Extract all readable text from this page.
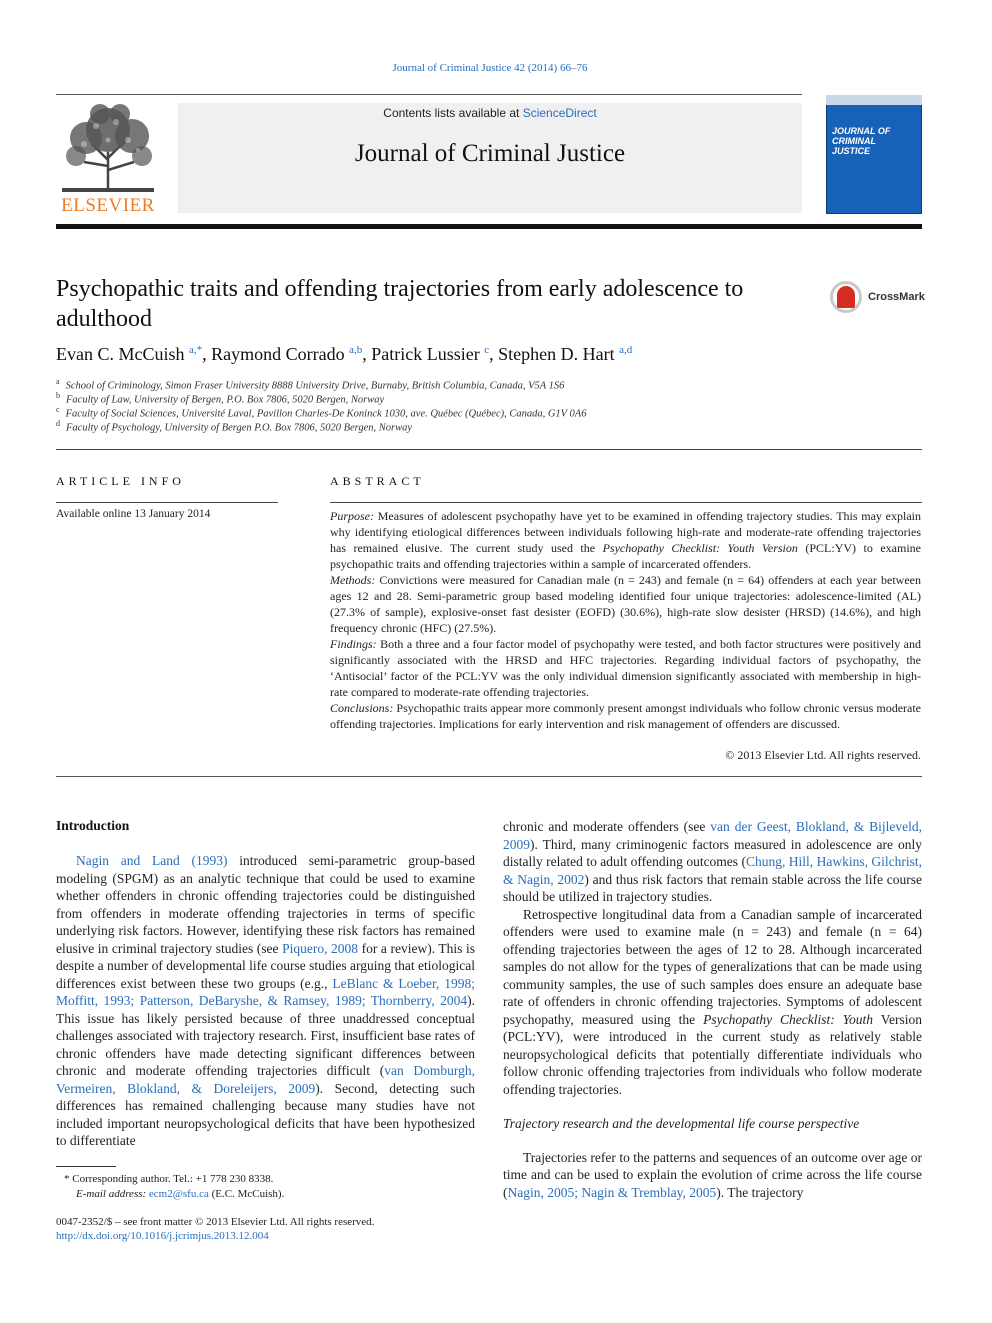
Journal of Criminal Justice 42 (2014) 66–76
ELSEVIER
Contents lists available at ScienceDirect
Journal of Criminal Justice
JOURNAL OF CRIMINAL JUSTICE
Psychopathic traits and offending trajectories from early adolescence to adulthood
CrossMark
Evan C. McCuish $^{a,*}$, Raymond Corrado $^{a,b}$, Patrick Lussier $^c$, Stephen D. Hart $^{a,d}$
$^a$ School of Criminology, Simon Fraser University 8888 University Drive, Burnaby, British Columbia, Canada, V5A 1S6
$^b$ Faculty of Law, University of Bergen, P.O. Box 7806, 5020 Bergen, Norway
$^c$ Faculty of Social Sciences, Université Laval, Pavillon Charles-De Koninck 1030, ave. Québec (Québec), Canada, G1V 0A6
$^d$ Faculty of Psychology, University of Bergen P.O. Box 7806, 5020 Bergen, Norway
ARTICLE INFO	ABSTRACT
Available online 13 January 2014	Purpose: Measures of adolescent psychopathy have yet to be examined in offending trajectory studies. This may explain why identifying etiological differences between individuals following high-rate and moderate-rate offending trajectories has remained elusive. The current study used the Psychopathy Checklist: Youth Version (PCL:YV) to examine psychopathic traits and offending trajectories within a sample of incarcerated offenders.

Methods: Convictions were measured for Canadian male (n = 243) and female (n = 64) offenders at each year between ages 12 and 28. Semi-parametric group based modeling identified four unique trajectories: adolescence-limited (AL) (27.3% of sample), explosive-onset fast desister (EOFD) (30.6%), high-rate slow desister (HRSD) (14.6%), and high frequency chronic (HFC) (27.5%).

Findings: Both a three and a four factor model of psychopathy were tested, and both factor structures were positively and significantly associated with the HRSD and HFC trajectories. Regarding individual factors of psychopathy, the ‘Antisocial’ factor of the PCL:YV was the only individual dimension significantly associated with membership in high-rate compared to moderate-rate offending trajectories.

Conclusions: Psychopathic traits appear more commonly present amongst individuals who follow chronic versus moderate offending trajectories. Implications for early intervention and risk management of offenders are discussed.

© 2013 Elsevier Ltd. All rights reserved.
Introduction

Nagin and Land (1993) introduced semi-parametric group-based modeling (SPGM) as an analytic technique that could be used to examine whether offenders in chronic offending trajectories could be distinguished from offenders in moderate offending trajectories in terms of specific underlying risk factors. However, identifying these risk factors has remained elusive in criminal trajectory studies (see Piquero, 2008 for a review). This is despite a number of developmental life course studies arguing that etiological differences exist between these two groups (e.g., LeBlanc & Loeber, 1998; Moffitt, 1993; Patterson, DeBaryshe, & Ramsey, 1989; Thornberry, 2004). This issue has likely persisted because of three unaddressed conceptual challenges associated with trajectory research. First, insufficient base rates of chronic offenders have made detecting significant differences between chronic and moderate offending trajectories difficult (van Domburgh, Vermeiren, Blokland, & Doreleijers, 2009). Second, detecting such differences has remained challenging because many studies have not included important neuropsychological deficits that have been hypothesized to differentiate

chronic and moderate offenders (see van der Geest, Blokland, & Bijleveld, 2009). Third, many criminogenic factors measured in adolescence are only distally related to adult offending outcomes (Chung, Hill, Hawkins, Gilchrist, & Nagin, 2002) and thus risk factors that remain stable across the life course should be utilized in trajectory studies.

Retrospective longitudinal data from a Canadian sample of incarcerated offenders were used to examine male (n = 243) and female (n = 64) offending trajectories between the ages of 12 to 28. Although incarcerated samples do not allow for the types of generalizations that can be made using community samples, the use of such samples does ensure an adequate base rate of offenders in chronic offending trajectories. Symptoms of adolescent psychopathy, measured using the Psychopathy Checklist: Youth Version (PCL:YV), were introduced in the current study as relatively stable neuropsychological deficits that potentially differentiate individuals who follow chronic offending trajectories from individuals who follow moderate offending trajectories.

Trajectory research and the developmental life course perspective

Trajectories refer to the patterns and sequences of an outcome over age or time and can be used to explain the evolution of crime across the life course (Nagin, 2005; Nagin & Tremblay, 2005). The trajectory

* Corresponding author. Tel.: +1 778 230 8338.
E-mail address: ecm2@sfu.ca (E.C. McCuish).
0047-2352/$ – see front matter © 2013 Elsevier Ltd. All rights reserved.
http://dx.doi.org/10.1016/j.jcrimjus.2013.12.004
